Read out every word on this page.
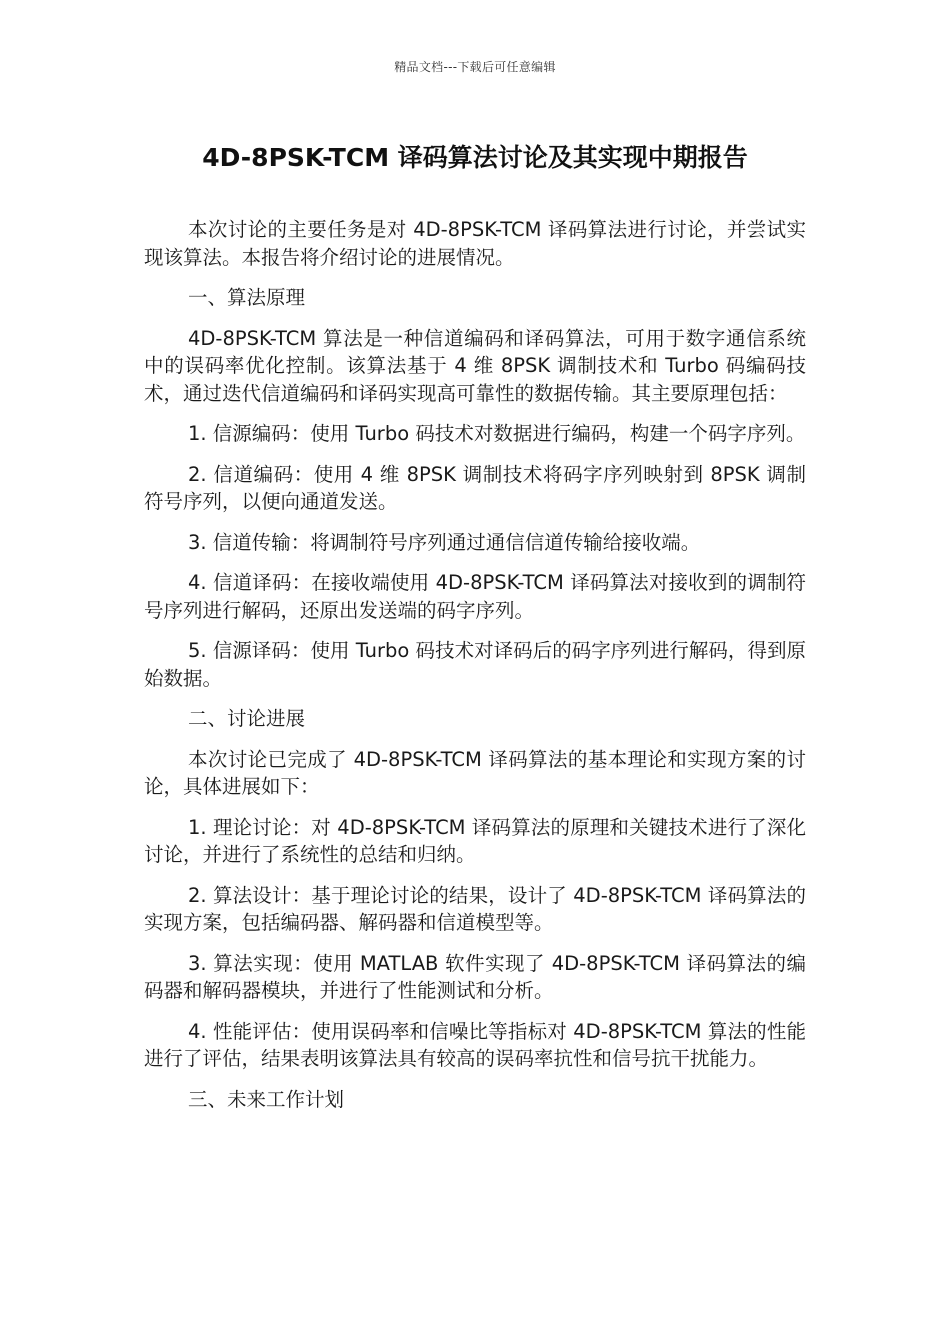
精品文档---下载后可任意编辑
4D-8PSK-TCM 译码算法讨论及其实现中期报告

本次讨论的主要任务是对 4D-8PSK-TCM 译码算法进行讨论，并尝试实现该算法。本报告将介绍讨论的进展情况。

一、算法原理

4D-8PSK-TCM 算法是一种信道编码和译码算法，可用于数字通信系统中的误码率优化控制。该算法基于 4 维 8PSK 调制技术和 Turbo 码编码技术，通过迭代信道编码和译码实现高可靠性的数据传输。其主要原理包括：

1. 信源编码：使用 Turbo 码技术对数据进行编码，构建一个码字序列。

2. 信道编码：使用 4 维 8PSK 调制技术将码字序列映射到 8PSK 调制符号序列，以便向通道发送。

3. 信道传输：将调制符号序列通过通信信道传输给接收端。

4. 信道译码：在接收端使用 4D-8PSK-TCM 译码算法对接收到的调制符号序列进行解码，还原出发送端的码字序列。

5. 信源译码：使用 Turbo 码技术对译码后的码字序列进行解码，得到原始数据。

二、讨论进展

本次讨论已完成了 4D-8PSK-TCM 译码算法的基本理论和实现方案的讨论，具体进展如下：

1. 理论讨论：对 4D-8PSK-TCM 译码算法的原理和关键技术进行了深化讨论，并进行了系统性的总结和归纳。

2. 算法设计：基于理论讨论的结果，设计了 4D-8PSK-TCM 译码算法的实现方案，包括编码器、解码器和信道模型等。

3. 算法实现：使用 MATLAB 软件实现了 4D-8PSK-TCM 译码算法的编码器和解码器模块，并进行了性能测试和分析。

4. 性能评估：使用误码率和信噪比等指标对 4D-8PSK-TCM 算法的性能进行了评估，结果表明该算法具有较高的误码率抗性和信号抗干扰能力。

三、未来工作计划
